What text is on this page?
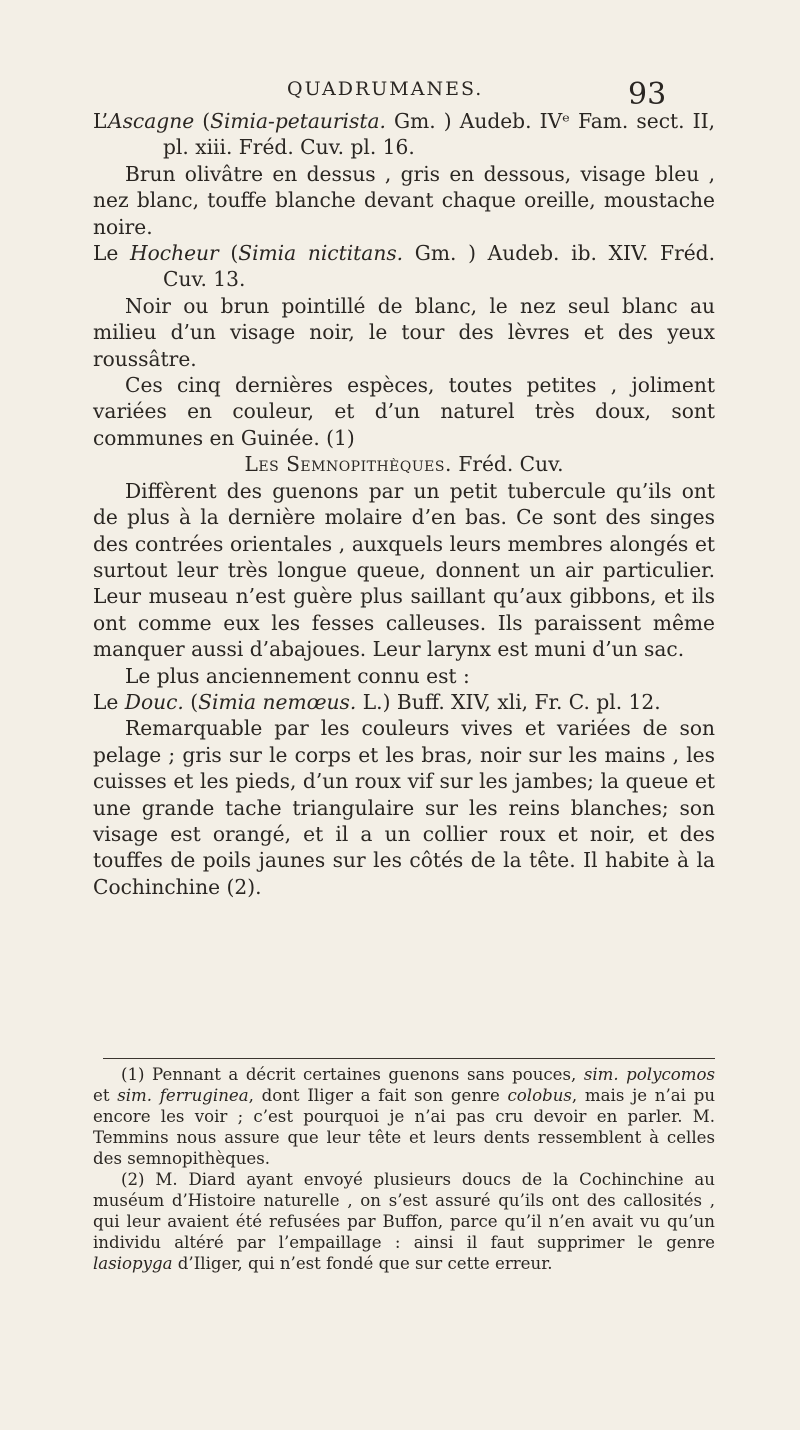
QUADRUMANES.	93

L’Ascagne (Simia-petaurista. Gm. ) Audeb. IVᵉ Fam. sect. II, pl. xiii. Fréd. Cuv. pl. 16.

Brun olivâtre en dessus , gris en dessous, visage bleu , nez blanc, touffe blanche devant chaque oreille, moustache noire.

Le Hocheur (Simia nictitans. Gm. ) Audeb. ib. XIV. Fréd. Cuv. 13.

Noir ou brun pointillé de blanc, le nez seul blanc au milieu d’un visage noir, le tour des lèvres et des yeux roussâtre.

Ces cinq dernières espèces, toutes petites , joliment variées en couleur, et d’un naturel très doux, sont communes en Guinée. (1)

Les Semnopithèques. Fréd. Cuv.

Diffèrent des guenons par un petit tubercule qu’ils ont de plus à la dernière molaire d’en bas. Ce sont des singes des contrées orientales , auxquels leurs membres alongés et surtout leur très longue queue, donnent un air particulier. Leur museau n’est guère plus saillant qu’aux gibbons, et ils ont comme eux les fesses calleuses. Ils paraissent même manquer aussi d’abajoues. Leur larynx est muni d’un sac.

Le plus anciennement connu est :

Le Douc. (Simia nemœus. L.) Buff. XIV, xli, Fr. C. pl. 12.

Remarquable par les couleurs vives et variées de son pelage ; gris sur le corps et les bras, noir sur les mains , les cuisses et les pieds, d’un roux vif sur les jambes; la queue et une grande tache triangulaire sur les reins blanches; son visage est orangé, et il a un collier roux et noir, et des touffes de poils jaunes sur les côtés de la tête. Il habite à la Cochinchine (2).

(1) Pennant a décrit certaines guenons sans pouces, sim. polycomos et sim. ferruginea, dont Iliger a fait son genre colobus, mais je n’ai pu encore les voir ; c’est pourquoi je n’ai pas cru devoir en parler. M. Temmins nous assure que leur tête et leurs dents ressemblent à celles des semnopithèques.

(2) M. Diard ayant envoyé plusieurs doucs de la Cochinchine au muséum d’Histoire naturelle , on s’est assuré qu’ils ont des callosités , qui leur avaient été refusées par Buffon, parce qu’il n’en avait vu qu’un individu altéré par l’empaillage : ainsi il faut supprimer le genre lasiopyga d’Iliger, qui n’est fondé que sur cette erreur.
